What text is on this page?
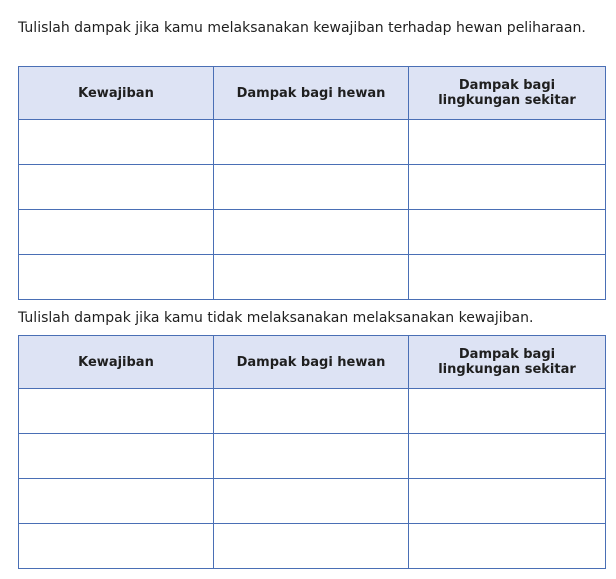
Tulislah dampak jika kamu melaksanakan kewajiban terhadap hewan peliharaan.

Kewajiban	Dampak bagi hewan	Dampak bagi lingkungan sekitar

Tulislah dampak jika kamu tidak melaksanakan melaksanakan kewajiban.

Kewajiban	Dampak bagi hewan	Dampak bagi lingkungan sekitar
